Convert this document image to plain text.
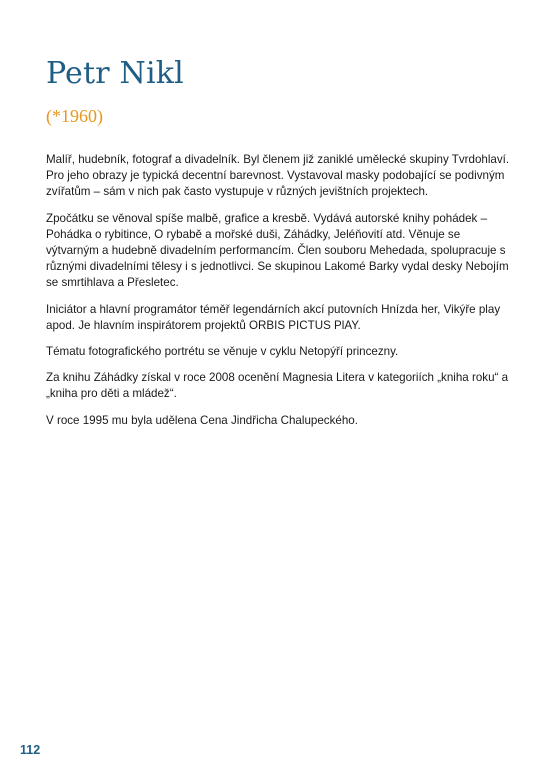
Petr Nikl
(*1960)

Malíř, hudebník, fotograf a divadelník. Byl členem již zaniklé umělecké skupiny Tvrdohlaví. Pro jeho obrazy je typická decentní barevnost. Vystavoval masky podobající se podivným zvířatům – sám v nich pak často vystupuje v různých jevištních projektech.

Zpočátku se věnoval spíše malbě, grafice a kresbě. Vydává autorské knihy pohádek – Pohádka o rybitince, O rybabě a mořské duši, Záhádky, Jeléňovití atd. Věnuje se výtvarným a hudebně divadelním performancím. Člen souboru Mehedada, spolupracuje s různými divadelními tělesy i s jednotlivci. Se skupinou Lakomé Barky vydal desky Nebojím se smrtihlava a Přesletec.

Iniciátor a hlavní programátor téměř legendárních akcí putovních Hnízda her, Vikýře play apod. Je hlavním inspirátorem projektů ORBIS PICTUS PlAY.

Tématu fotografického portrétu se věnuje v cyklu Netopýří princezny.

Za knihu Záhádky získal v roce 2008 ocenění Magnesia Litera v kategoriích „kniha roku“ a „kniha pro děti a mládež“.

V roce 1995 mu byla udělena Cena Jindřicha Chalupeckého.

112
